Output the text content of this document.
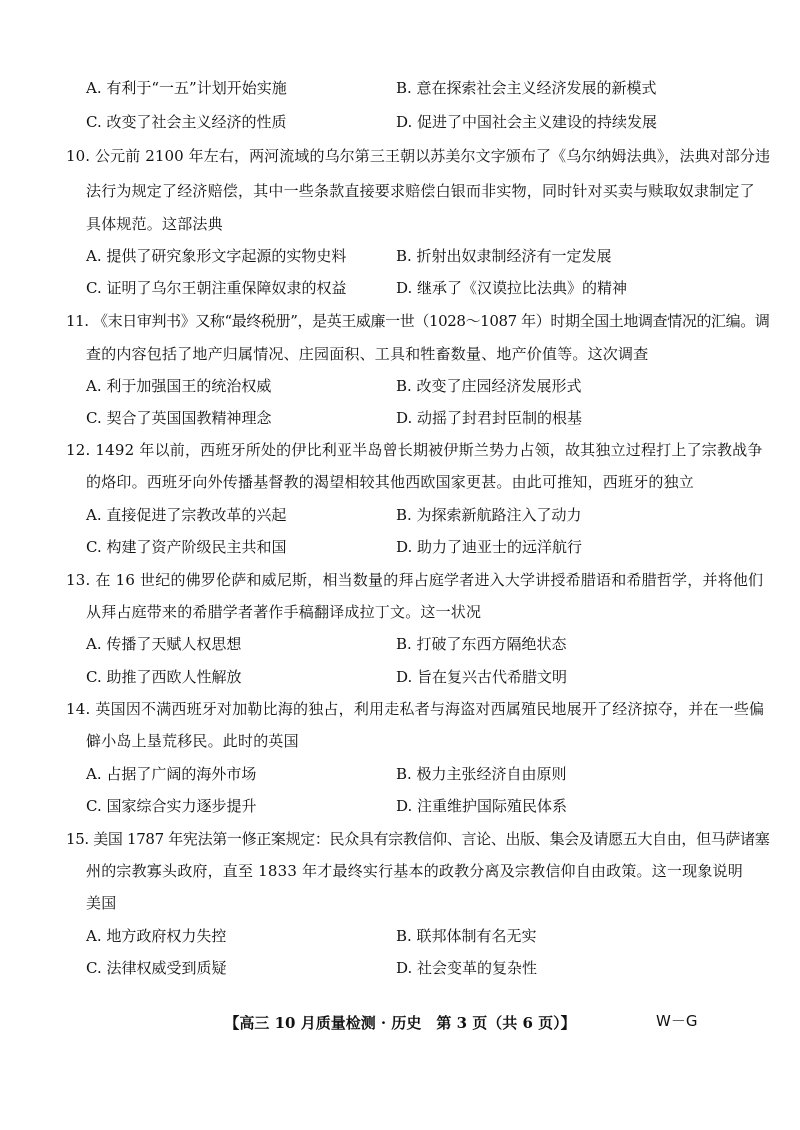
A. 有利于“一五”计划开始实施	B. 意在探索社会主义经济发展的新模式
C. 改变了社会主义经济的性质	D. 促进了中国社会主义建设的持续发展
10. 公元前 2100 年左右，两河流域的乌尔第三王朝以苏美尔文字颁布了《乌尔纳姆法典》，法典对部分违
法行为规定了经济赔偿，其中一些条款直接要求赔偿白银而非实物，同时针对买卖与赎取奴隶制定了
具体规范。这部法典
A. 提供了研究象形文字起源的实物史料	B. 折射出奴隶制经济有一定发展
C. 证明了乌尔王朝注重保障奴隶的权益	D. 继承了《汉谟拉比法典》的精神
11. 《末日审判书》又称“最终税册”，是英王威廉一世（1028～1087 年）时期全国土地调查情况的汇编。调
查的内容包括了地产归属情况、庄园面积、工具和牲畜数量、地产价值等。这次调查
A. 利于加强国王的统治权威	B. 改变了庄园经济发展形式
C. 契合了英国国教精神理念	D. 动摇了封君封臣制的根基
12. 1492 年以前，西班牙所处的伊比利亚半岛曾长期被伊斯兰势力占领，故其独立过程打上了宗教战争
的烙印。西班牙向外传播基督教的渴望相较其他西欧国家更甚。由此可推知，西班牙的独立
A. 直接促进了宗教改革的兴起	B. 为探索新航路注入了动力
C. 构建了资产阶级民主共和国	D. 助力了迪亚士的远洋航行
13. 在 16 世纪的佛罗伦萨和威尼斯，相当数量的拜占庭学者进入大学讲授希腊语和希腊哲学，并将他们
从拜占庭带来的希腊学者著作手稿翻译成拉丁文。这一状况
A. 传播了天赋人权思想	B. 打破了东西方隔绝状态
C. 助推了西欧人性解放	D. 旨在复兴古代希腊文明
14. 英国因不满西班牙对加勒比海的独占，利用走私者与海盗对西属殖民地展开了经济掠夺，并在一些偏
僻小岛上垦荒移民。此时的英国
A. 占据了广阔的海外市场	B. 极力主张经济自由原则
C. 国家综合实力逐步提升	D. 注重维护国际殖民体系
15. 美国 1787 年宪法第一修正案规定：民众具有宗教信仰、言论、出版、集会及请愿五大自由，但马萨诸塞
州的宗教寡头政府，直至 1833 年才最终实行基本的政教分离及宗教信仰自由政策。这一现象说明
美国
A. 地方政府权力失控	B. 联邦体制有名无实
C. 法律权威受到质疑	D. 社会变革的复杂性
【高三 10 月质量检测 · 历史　第 3 页（共 6 页）】	W－G
